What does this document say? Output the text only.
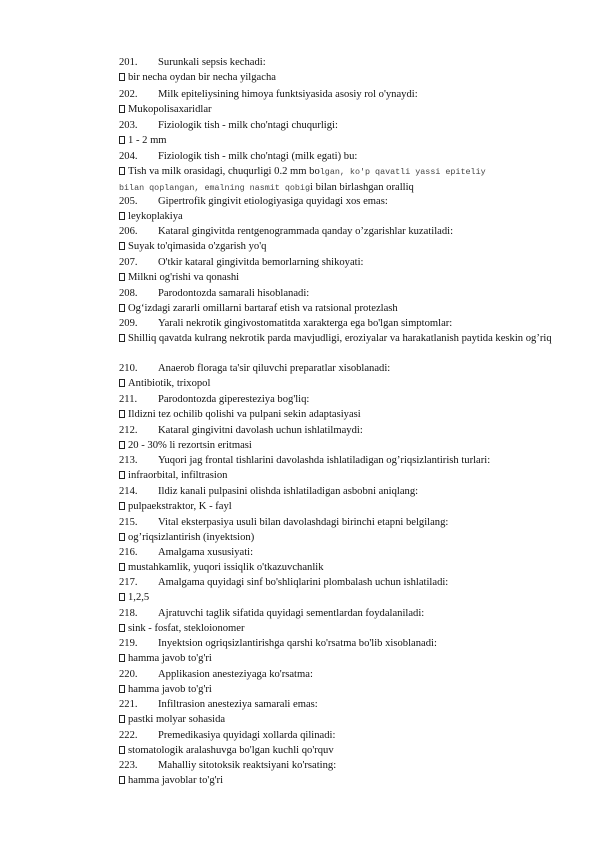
201. Surunkali sepsis kechadi:
bir necha oydan bir necha yilgacha
202. Milk epiteliysining himoya funktsiyasida asosiy rol o'ynaydi:
Mukopolisaxaridlar
203. Fiziologik tish - milk cho'ntagi chuqurligi:
1 - 2 mm
204. Fiziologik tish - milk cho'ntagi (milk egati) bu:
Tish va milk orasidagi, chuqurligi 0.2 mm bolgan, ko'p qavatli yassi epiteliy
bilan qoplangan, emalning nasmit qobigi bilan birlashgan oralliq
205. Gipertrofik gingivit etiologiyasiga quyidagi xos emas:
leykoplakiya
206. Kataral gingivitda rentgenogrammada qanday o’zgarishlar kuzatiladi:
Suyak to'qimasida o'zgarish yo'q
207. O'tkir kataral gingivitda bemorlarning shikoyati:
Milkni og'rishi va qonashi
208. Parodontozda samarali hisoblanadi:
Og‘izdagi zararli omillarni bartaraf etish va ratsional protezlash
209. Yarali nekrotik gingivostomatitda xarakterga ega bo'lgan simptomlar:
Shilliq qavatda kulrang nekrotik parda mavjudligi, eroziyalar va harakatlanish paytida keskin og’riq
210. Anaerob floraga ta'sir qiluvchi preparatlar xisoblanadi:
Antibiotik, trixopol
211. Parodontozda giperesteziya bog'liq:
Ildizni tez ochilib qolishi va pulpani sekin adaptasiyasi
212. Kataral gingivitni davolash uchun ishlatilmaydi:
20 - 30% li rezortsin eritmasi
213. Yuqori jag frontal tishlarini davolashda ishlatiladigan og’riqsizlantirish turlari:
infraorbital, infiltrasion
214. Ildiz kanali pulpasini olishda ishlatiladigan asbobni aniqlang:
pulpaekstraktor, K - fayl
215. Vital eksterpasiya usuli bilan davolashdagi birinchi etapni belgilang:
og’riqsizlantirish (inyektsion)
216. Amalgama xususiyati:
mustahkamlik, yuqori issiqlik o'tkazuvchanlik
217. Amalgama quyidagi sinf bo'shliqlarini plombalash uchun ishlatiladi:
1,2,5
218. Ajratuvchi taglik sifatida quyidagi sementlardan foydalaniladi:
sink - fosfat, stekloionomer
219. Inyektsion ogriqsizlantirishga qarshi ko'rsatma bo'lib xisoblanadi:
hamma javob to'g'ri
220. Applikasion anesteziyaga ko'rsatma:
hamma javob to'g'ri
221. Infiltrasion anesteziya samarali emas:
pastki molyar sohasida
222. Premedikasiya quyidagi xollarda qilinadi:
stomatologik aralashuvga bo'lgan kuchli qo'rquv
223. Mahalliy sitotoksik reaktsiyani ko'rsating:
hamma javoblar to'g'ri
